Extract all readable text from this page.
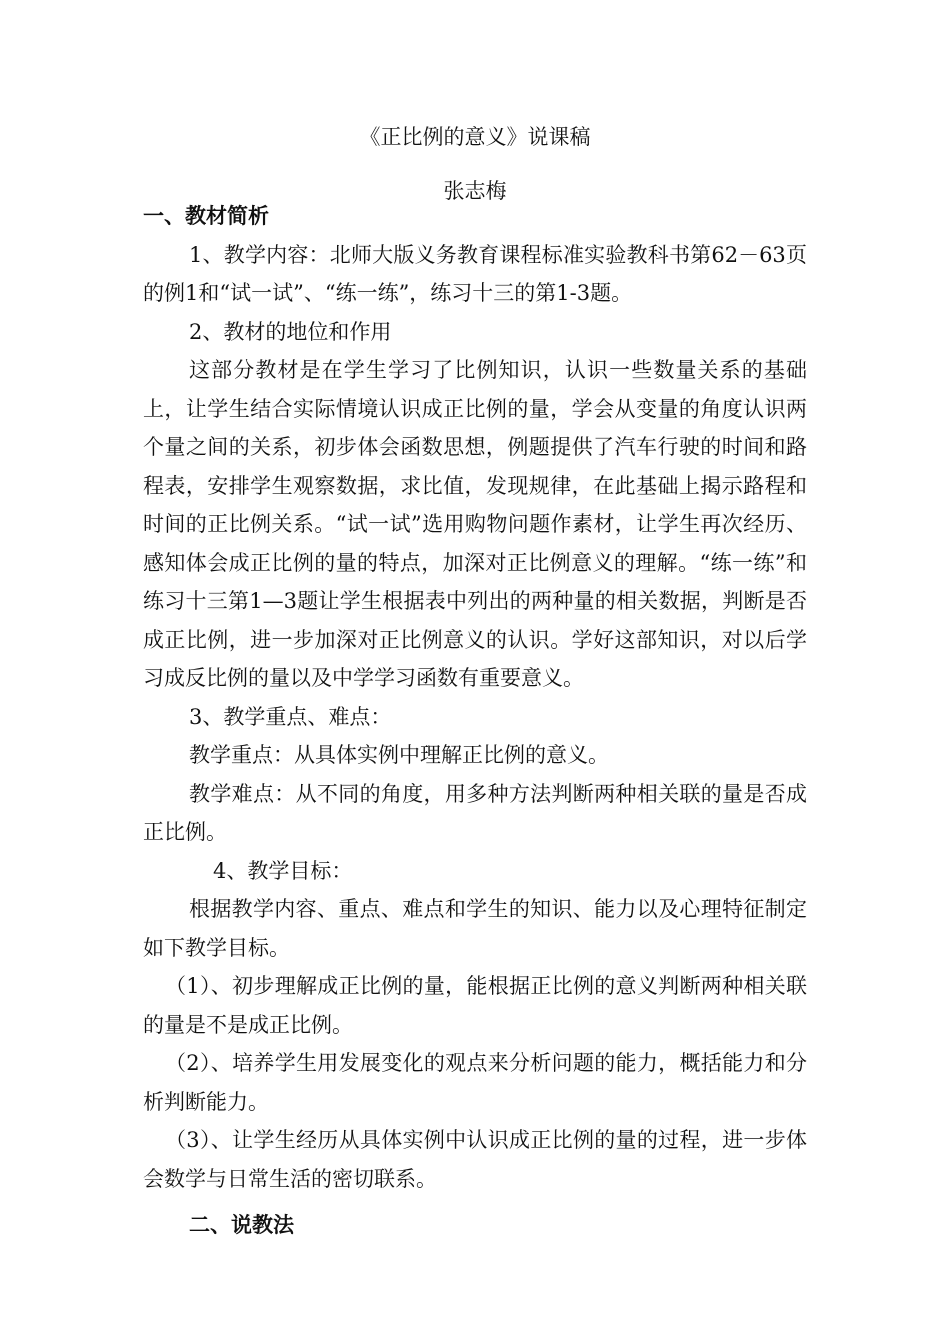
《正比例的意义》说课稿
张志梅

一、教材简析

1、教学内容：北师大版义务教育课程标准实验教科书第62－63页的例1和“试一试”、“练一练”，练习十三的第1-3题。

2、教材的地位和作用

这部分教材是在学生学习了比例知识，认识一些数量关系的基础上，让学生结合实际情境认识成正比例的量，学会从变量的角度认识两个量之间的关系，初步体会函数思想，例题提供了汽车行驶的时间和路程表，安排学生观察数据，求比值，发现规律，在此基础上揭示路程和时间的正比例关系。“试一试”选用购物问题作素材，让学生再次经历、感知体会成正比例的量的特点，加深对正比例意义的理解。“练一练”和练习十三第1—3题让学生根据表中列出的两种量的相关数据，判断是否成正比例，进一步加深对正比例意义的认识。学好这部知识，对以后学习成反比例的量以及中学学习函数有重要意义。

3、教学重点、难点：

教学重点：从具体实例中理解正比例的意义。

教学难点：从不同的角度，用多种方法判断两种相关联的量是否成正比例。

4、教学目标：

根据教学内容、重点、难点和学生的知识、能力以及心理特征制定如下教学目标。

（1）、初步理解成正比例的量，能根据正比例的意义判断两种相关联的量是不是成正比例。

（2）、培养学生用发展变化的观点来分析问题的能力，概括能力和分析判断能力。

（3）、让学生经历从具体实例中认识成正比例的量的过程，进一步体会数学与日常生活的密切联系。

二、说教法
